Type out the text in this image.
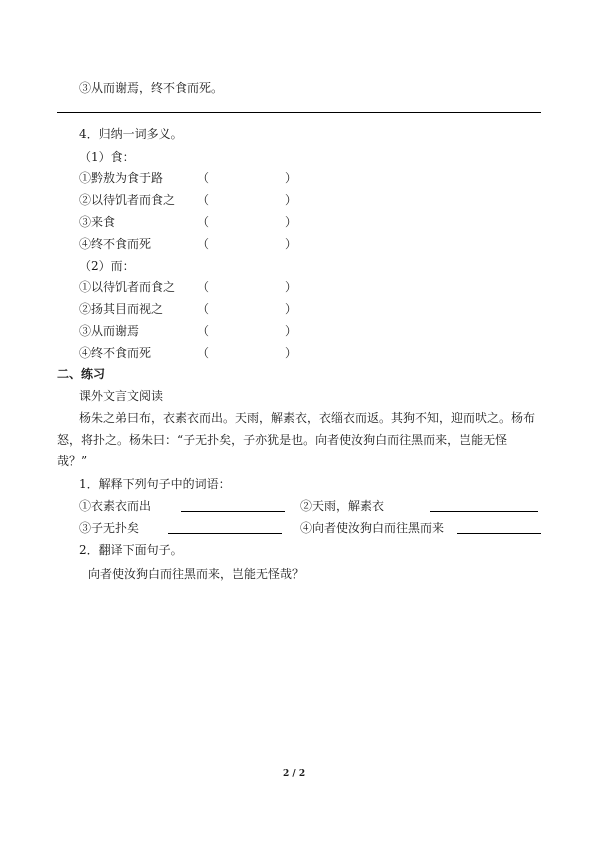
③从而谢焉，终不食而死。
4．归纳一词多义。
（1）食：
①黔敖为食于路	（	）
②以待饥者而食之 （	）
③来食	（	）
④终不食而死	（	）
（2）而：
①以待饥者而食之 （	）
②扬其目而视之	（	）
③从而谢焉	（	）
④终不食而死	（	）
二、练习
课外文言文阅读
杨朱之弟曰布，衣素衣而出。天雨，解素衣，衣缁衣而返。其狗不知，迎而吠之。杨布
怒，将扑之。杨朱曰：“子无扑矣，子亦犹是也。向者使汝狗白而往黑而来，岂能无怪
哉？”
1．解释下列句子中的词语：
①衣素衣而出	②天雨，解素衣
③子无扑矣	④向者使汝狗白而往黑而来
2．翻译下面句子。
向者使汝狗白而往黑而来，岂能无怪哉？
2 / 2
